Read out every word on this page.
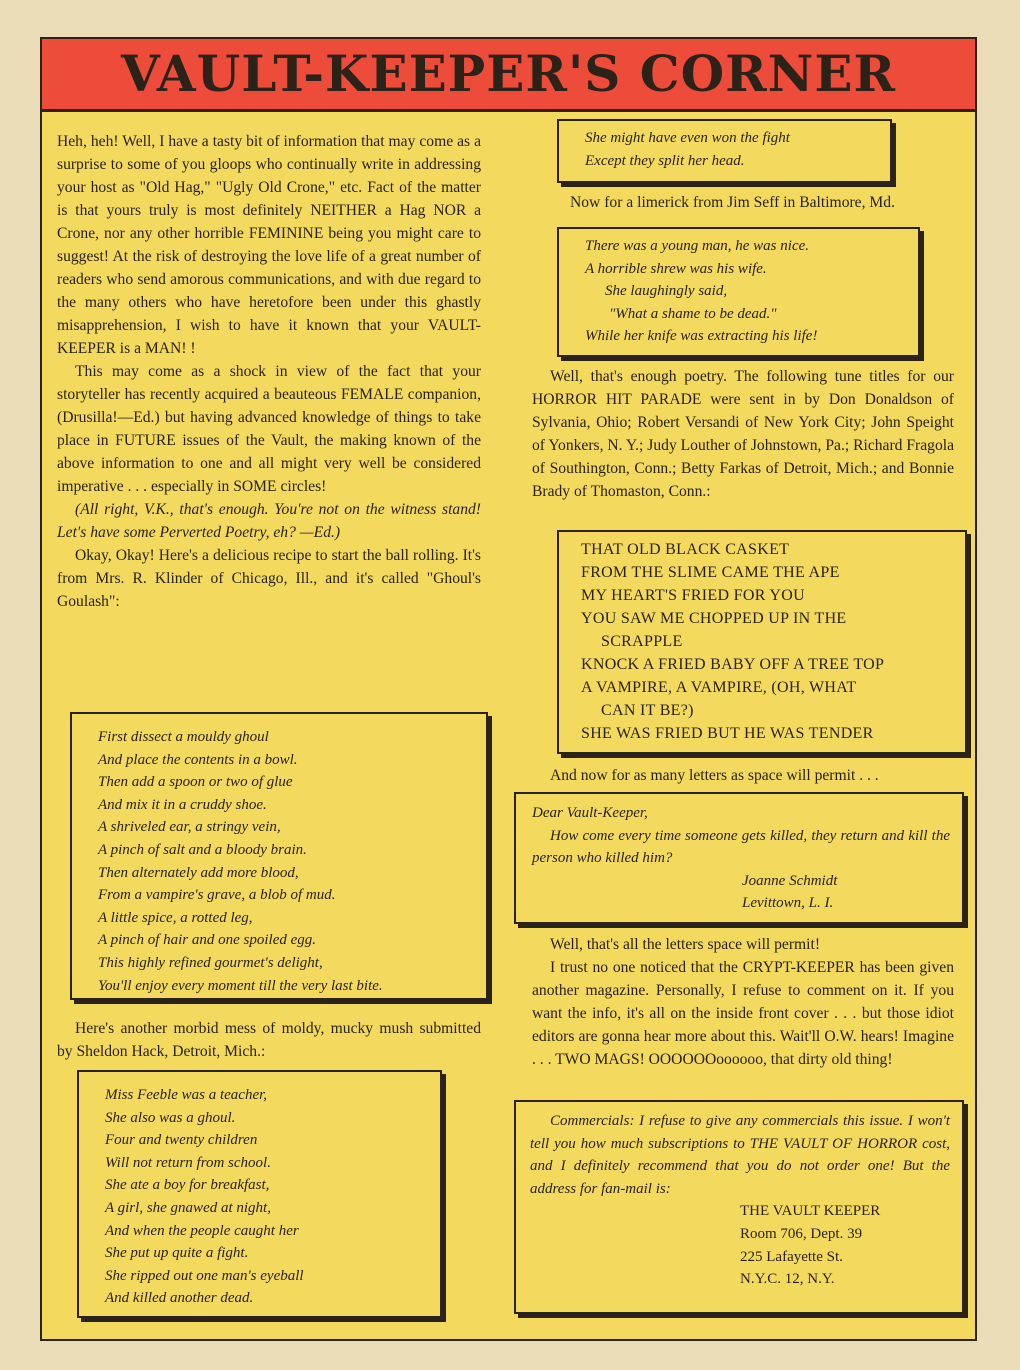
VAULT-KEEPER'S CORNER

Heh, heh! Well, I have a tasty bit of information that may come as a surprise to some of you gloops who continually write in addressing your host as "Old Hag," "Ugly Old Crone," etc. Fact of the matter is that yours truly is most definitely NEITHER a Hag NOR a Crone, nor any other horrible FEMININE being you might care to suggest! At the risk of destroying the love life of a great number of readers who send amorous communications, and with due regard to the many others who have heretofore been under this ghastly misapprehension, I wish to have it known that your VAULT-KEEPER is a MAN! !

This may come as a shock in view of the fact that your storyteller has recently acquired a beauteous FEMALE companion, (Drusilla!—Ed.) but having advanced knowledge of things to take place in FUTURE issues of the Vault, the making known of the above information to one and all might very well be considered imperative . . . especially in SOME circles!

(All right, V.K., that's enough. You're not on the witness stand! Let's have some Perverted Poetry, eh? —Ed.)

Okay, Okay! Here's a delicious recipe to start the ball rolling. It's from Mrs. R. Klinder of Chicago, Ill., and it's called "Ghoul's Goulash":

First dissect a mouldy ghoul
And place the contents in a bowl.
Then add a spoon or two of glue
And mix it in a cruddy shoe.
A shriveled ear, a stringy vein,
A pinch of salt and a bloody brain.
Then alternately add more blood,
From a vampire's grave, a blob of mud.
A little spice, a rotted leg,
A pinch of hair and one spoiled egg.
This highly refined gourmet's delight,
You'll enjoy every moment till the very last bite.

Here's another morbid mess of moldy, mucky mush submitted by Sheldon Hack, Detroit, Mich.:

Miss Feeble was a teacher,
She also was a ghoul.
Four and twenty children
Will not return from school.
She ate a boy for breakfast,
A girl, she gnawed at night,
And when the people caught her
She put up quite a fight.
She ripped out one man's eyeball
And killed another dead.
She might have even won the fight
Except they split her head.

Now for a limerick from Jim Seff in Baltimore, Md.

There was a young man, he was nice.
A horrible shrew was his wife.
She laughingly said,
"What a shame to be dead."
While her knife was extracting his life!

Well, that's enough poetry. The following tune titles for our HORROR HIT PARADE were sent in by Don Donaldson of Sylvania, Ohio; Robert Versandi of New York City; John Speight of Yonkers, N. Y.; Judy Louther of Johnstown, Pa.; Richard Fragola of Southington, Conn.; Betty Farkas of Detroit, Mich.; and Bonnie Brady of Thomaston, Conn.:

THAT OLD BLACK CASKET
FROM THE SLIME CAME THE APE
MY HEART'S FRIED FOR YOU
YOU SAW ME CHOPPED UP IN THE
SCRAPPLE
KNOCK A FRIED BABY OFF A TREE TOP
A VAMPIRE, A VAMPIRE, (OH, WHAT
CAN IT BE?)
SHE WAS FRIED BUT HE WAS TENDER

And now for as many letters as space will permit . . .

Dear Vault-Keeper,
How come every time someone gets killed, they return and kill the person who killed him?
Joanne Schmidt
Levittown, L. I.

Well, that's all the letters space will permit!

I trust no one noticed that the CRYPT-KEEPER has been given another magazine. Personally, I refuse to comment on it. If you want the info, it's all on the inside front cover . . . but those idiot editors are gonna hear more about this. Wait'll O.W. hears! Imagine . . . TWO MAGS! OOOOOOoooooo, that dirty old thing!

Commercials: I refuse to give any commercials this issue. I won't tell you how much subscriptions to THE VAULT OF HORROR cost, and I definitely recommend that you do not order one! But the address for fan-mail is:
THE VAULT KEEPER
Room 706, Dept. 39
225 Lafayette St.
N.Y.C. 12, N.Y.
